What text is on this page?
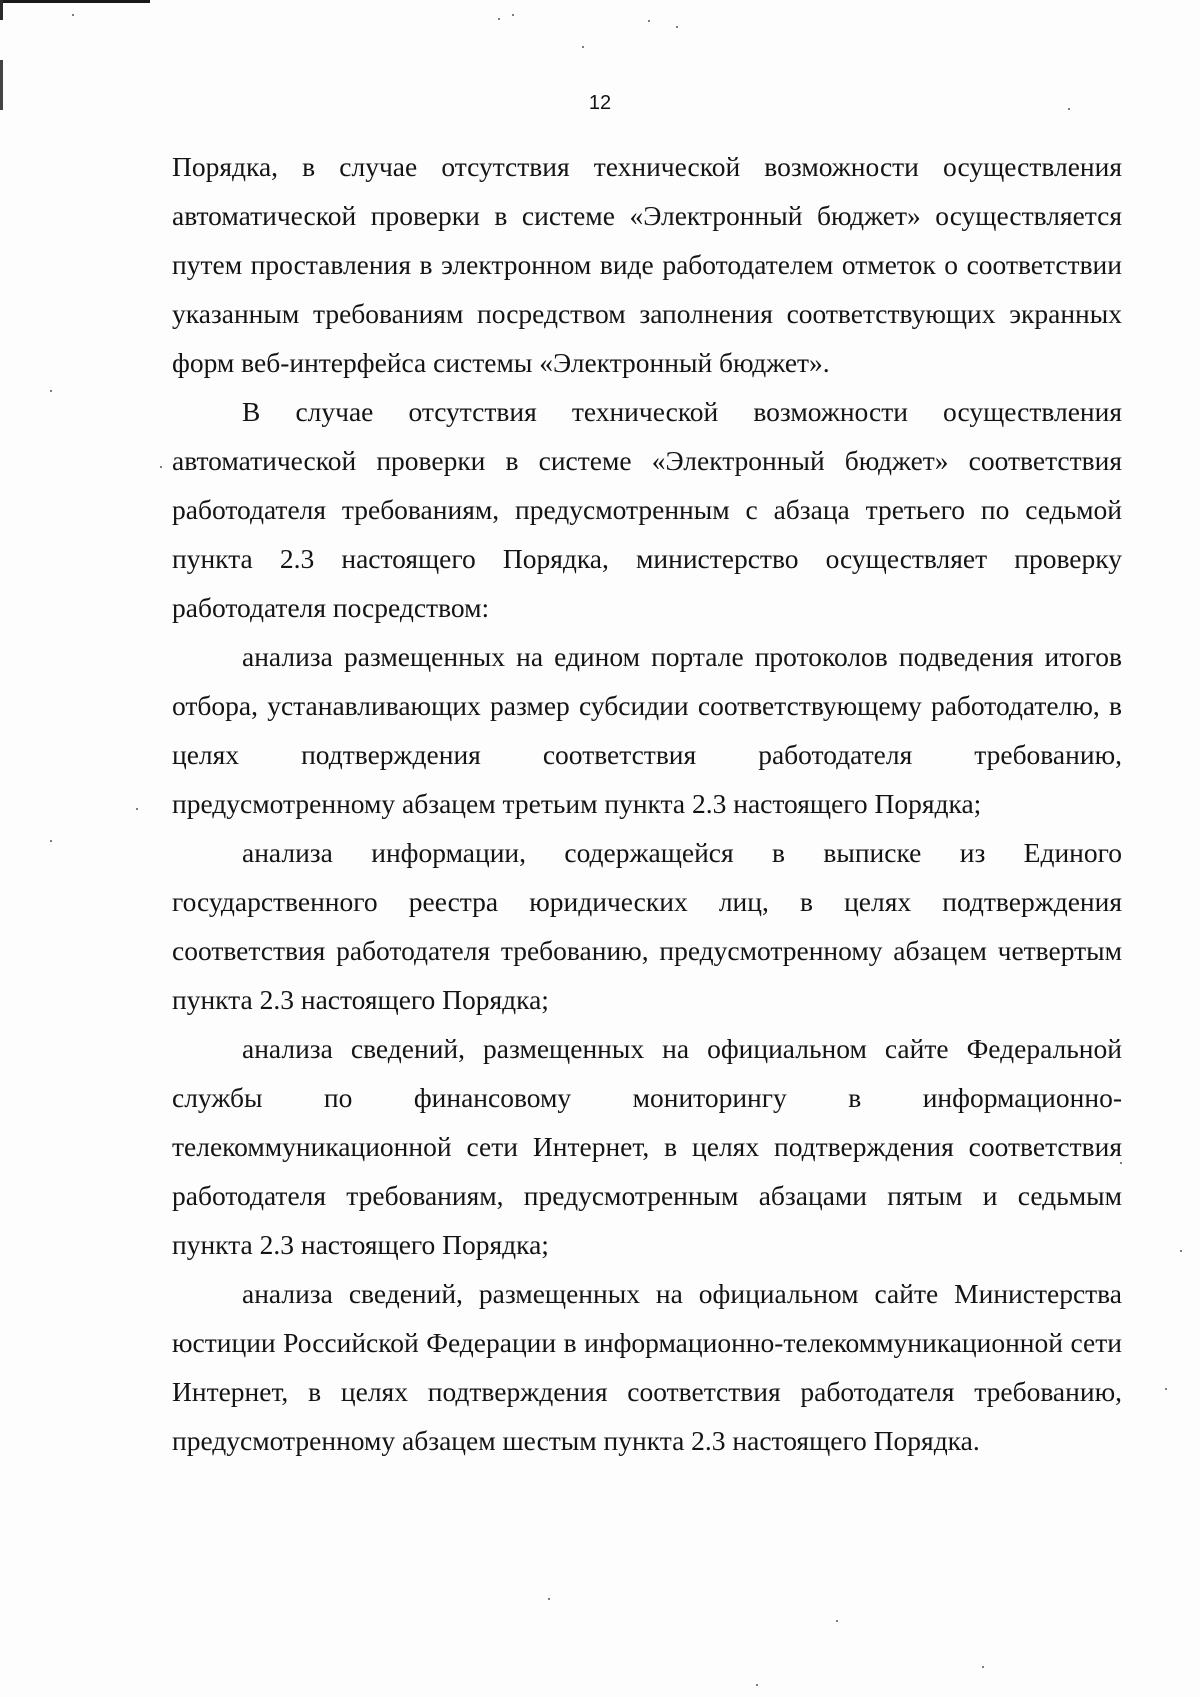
12

Порядка, в случае отсутствия технической возможности осуществления автоматической проверки в системе «Электронный бюджет» осуществляется путем проставления в электронном виде работодателем отметок о соответствии указанным требованиям посредством заполнения соответствующих экранных форм веб-интерфейса системы «Электронный бюджет».

В случае отсутствия технической возможности осуществления автоматической проверки в системе «Электронный бюджет» соответствия работодателя требованиям, предусмотренным с абзаца третьего по седьмой пункта 2.3 настоящего Порядка, министерство осуществляет проверку работодателя посредством:

анализа размещенных на едином портале протоколов подведения итогов отбора, устанавливающих размер субсидии соответствующему работодателю, в целях подтверждения соответствия работодателя требованию, предусмотренному абзацем третьим пункта 2.3 настоящего Порядка;

анализа информации, содержащейся в выписке из Единого государственного реестра юридических лиц, в целях подтверждения соответствия работодателя требованию, предусмотренному абзацем четвертым пункта 2.3 настоящего Порядка;

анализа сведений, размещенных на официальном сайте Федеральной службы по финансовому мониторингу в информационно-телекоммуникационной сети Интернет, в целях подтверждения соответствия работодателя требованиям, предусмотренным абзацами пятым и седьмым пункта 2.3 настоящего Порядка;

анализа сведений, размещенных на официальном сайте Министерства юстиции Российской Федерации в информационно-телекоммуникационной сети Интернет, в целях подтверждения соответствия работодателя требованию, предусмотренному абзацем шестым пункта 2.3 настоящего Порядка.
